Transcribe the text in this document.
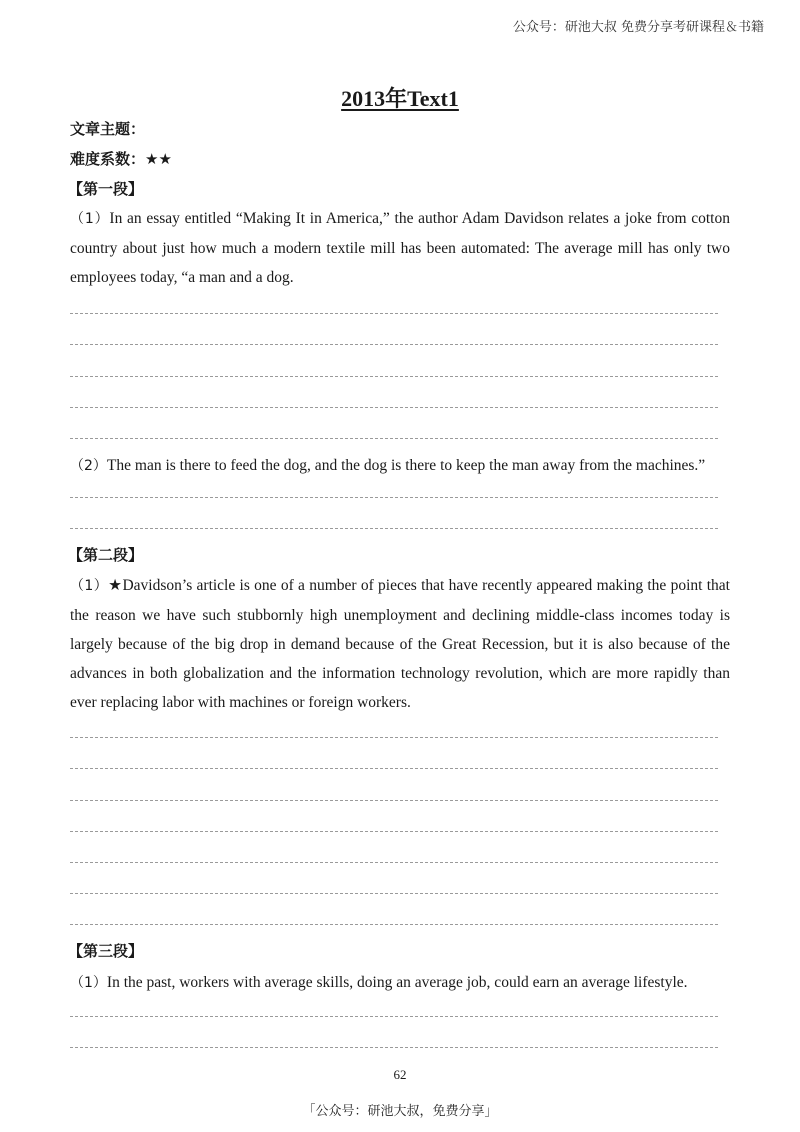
公众号：研池大叔 免费分享考研课程＆书籍
2013年Text1
文章主题：
难度系数：★★
【第一段】
（1）In an essay entitled “Making It in America,” the author Adam Davidson relates a joke from cotton country about just how much a modern textile mill has been automated: The average mill has only two employees today, “a man and a dog.
（2）The man is there to feed the dog, and the dog is there to keep the man away from the machines.”
【第二段】
（1）★Davidson’s article is one of a number of pieces that have recently appeared making the point that the reason we have such stubbornly high unemployment and declining middle-class incomes today is largely because of the big drop in demand because of the Great Recession, but it is also because of the advances in both globalization and the information technology revolution, which are more rapidly than ever replacing labor with machines or foreign workers.
【第三段】
（1）In the past, workers with average skills, doing an average job, could earn an average lifestyle.
62
「公众号：研池大叔，免费分享」
